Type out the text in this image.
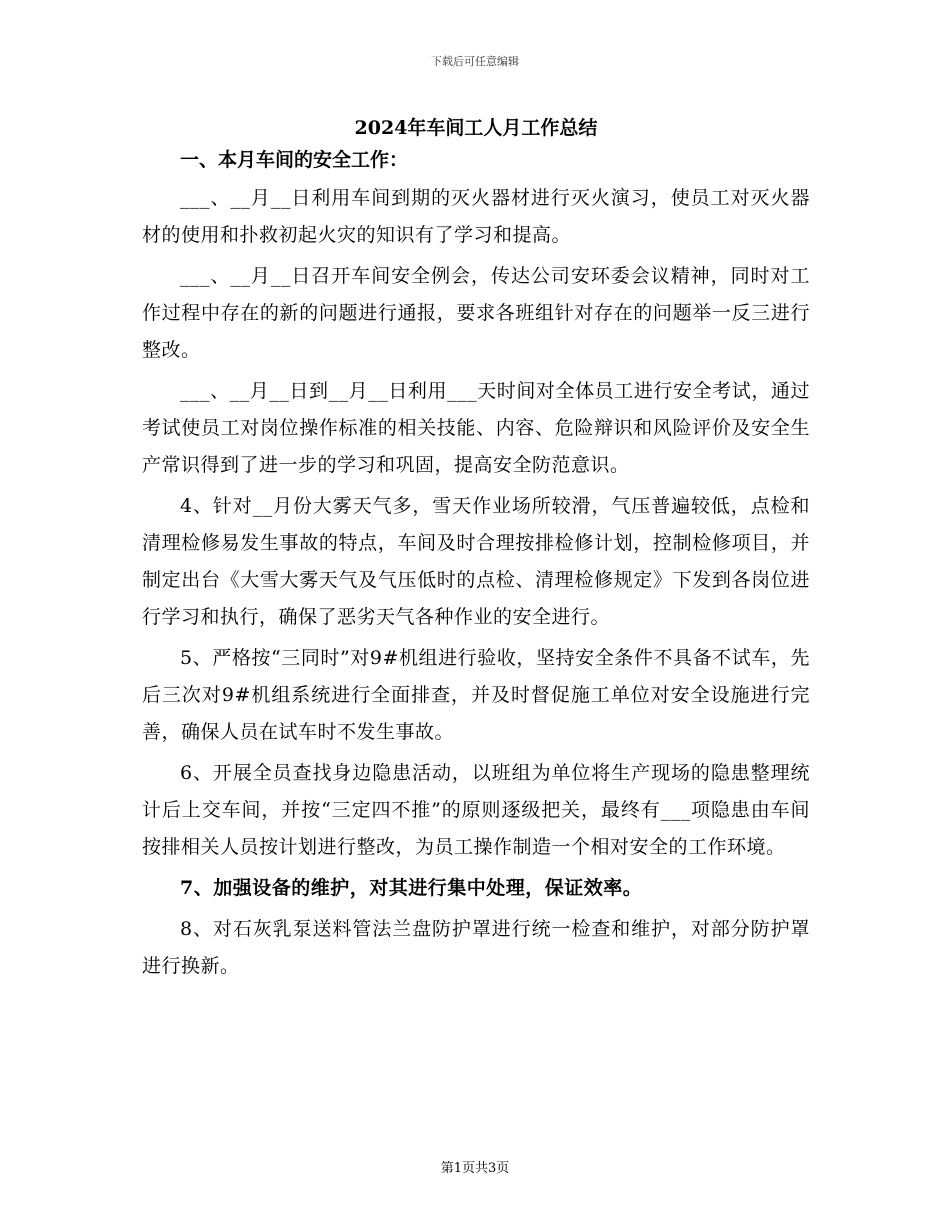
下载后可任意编辑
2024年车间工人月工作总结

一、本月车间的安全工作：

___、__月__日利用车间到期的灭火器材进行灭火演习，使员工对灭火器材的使用和扑救初起火灾的知识有了学习和提高。

___、__月__日召开车间安全例会，传达公司安环委会议精神，同时对工作过程中存在的新的问题进行通报，要求各班组针对存在的问题举一反三进行整改。

___、__月__日到__月__日利用___天时间对全体员工进行安全考试，通过考试使员工对岗位操作标准的相关技能、内容、危险辩识和风险评价及安全生产常识得到了进一步的学习和巩固，提高安全防范意识。

4、针对__月份大雾天气多，雪天作业场所较滑，气压普遍较低，点检和清理检修易发生事故的特点，车间及时合理按排检修计划，控制检修项目，并制定出台《大雪大雾天气及气压低时的点检、清理检修规定》下发到各岗位进行学习和执行，确保了恶劣天气各种作业的安全进行。

5、严格按“三同时”对9#机组进行验收，坚持安全条件不具备不试车，先后三次对9#机组系统进行全面排查，并及时督促施工单位对安全设施进行完善，确保人员在试车时不发生事故。

6、开展全员查找身边隐患活动，以班组为单位将生产现场的隐患整理统计后上交车间，并按“三定四不推”的原则逐级把关，最终有___项隐患由车间按排相关人员按计划进行整改，为员工操作制造一个相对安全的工作环境。

7、加强设备的维护，对其进行集中处理，保证效率。

8、对石灰乳泵送料管法兰盘防护罩进行统一检查和维护，对部分防护罩进行换新。

第1页共3页
